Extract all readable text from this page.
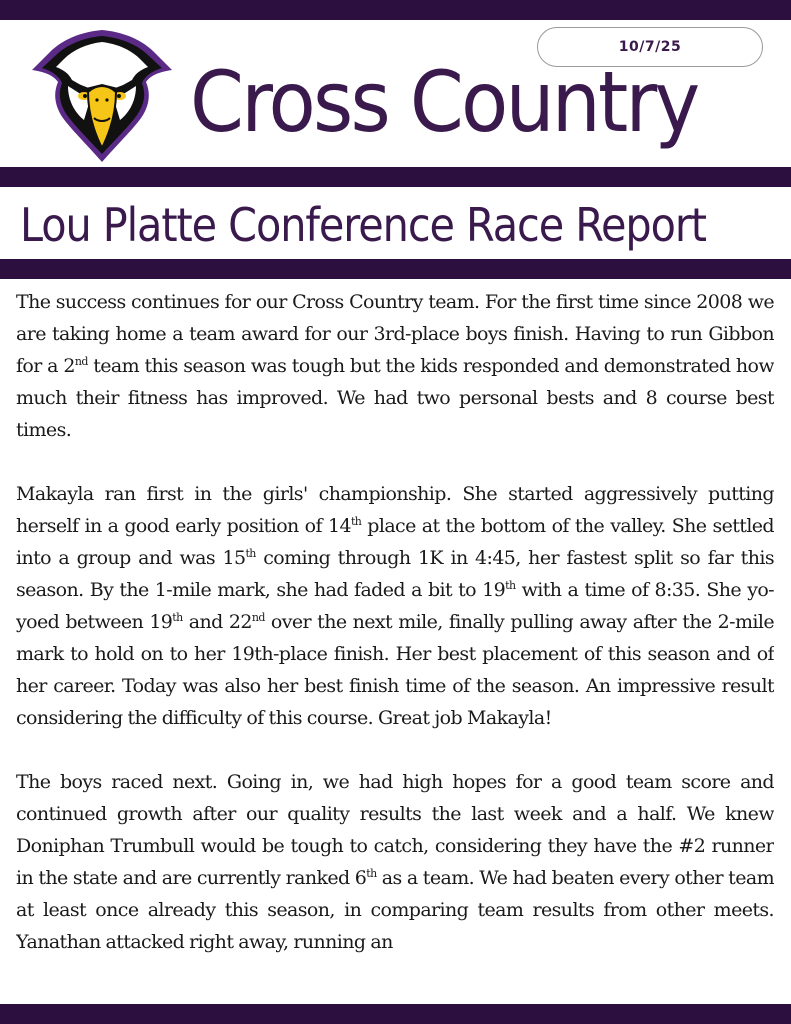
10/7/25
Cross Country
Lou Platte Conference Race Report

The success continues for our Cross Country team. For the first time since 2008 we are taking home a team award for our 3rd-place boys finish. Having to run Gibbon for a 2nd team this season was tough but the kids responded and demonstrated how much their fitness has improved. We had two personal bests and 8 course best times.

Makayla ran first in the girls' championship. She started aggressively putting herself in a good early position of 14th place at the bottom of the valley. She settled into a group and was 15th coming through 1K in 4:45, her fastest split so far this season. By the 1-mile mark, she had faded a bit to 19th with a time of 8:35. She yo-yoed between 19th and 22nd over the next mile, finally pulling away after the 2-mile mark to hold on to her 19th-place finish. Her best placement of this season and of her career. Today was also her best finish time of the season. An impressive result considering the difficulty of this course. Great job Makayla!

The boys raced next. Going in, we had high hopes for a good team score and continued growth after our quality results the last week and a half. We knew Doniphan Trumbull would be tough to catch, considering they have the #2 runner in the state and are currently ranked 6th as a team. We had beaten every other team at least once already this season, in comparing team results from other meets. Yanathan attacked right away, running an
